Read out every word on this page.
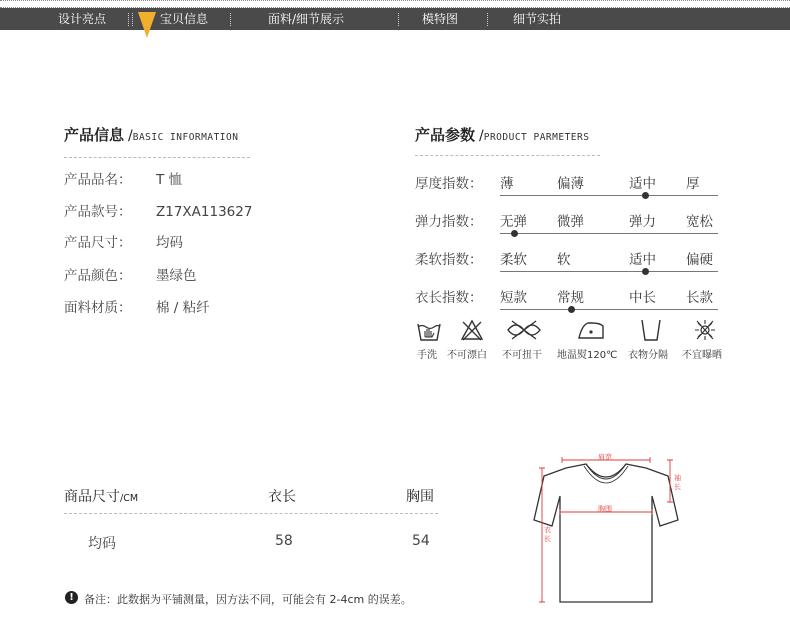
设计亮点	宝贝信息	面料/细节展示	模特图	细节实拍
产品信息 /BASIC INFORMATION
产品品名： T 恤
产品款号： Z17XA113627
产品尺寸： 均码
产品颜色： 墨绿色
面料材质： 棉 / 粘纤
产品参数 /PRODUCT PARMETERS
厚度指数： 薄	偏薄	适中 厚
弹力指数： 无弹 微弹	弹力 宽松
柔软指数： 柔软 软	适中 偏硬
衣长指数： 短款 常规	中长 长款
手洗 不可漂白 不可扭干 地温熨120℃ 衣物分隔 不宜曝晒
商品尺寸/CM	衣长	胸围
均码	58	54
! 备注：此数据为平铺测量，因方法不同，可能会有 2-4cm 的误差。
肩宽
袖长
胸围
衣长
